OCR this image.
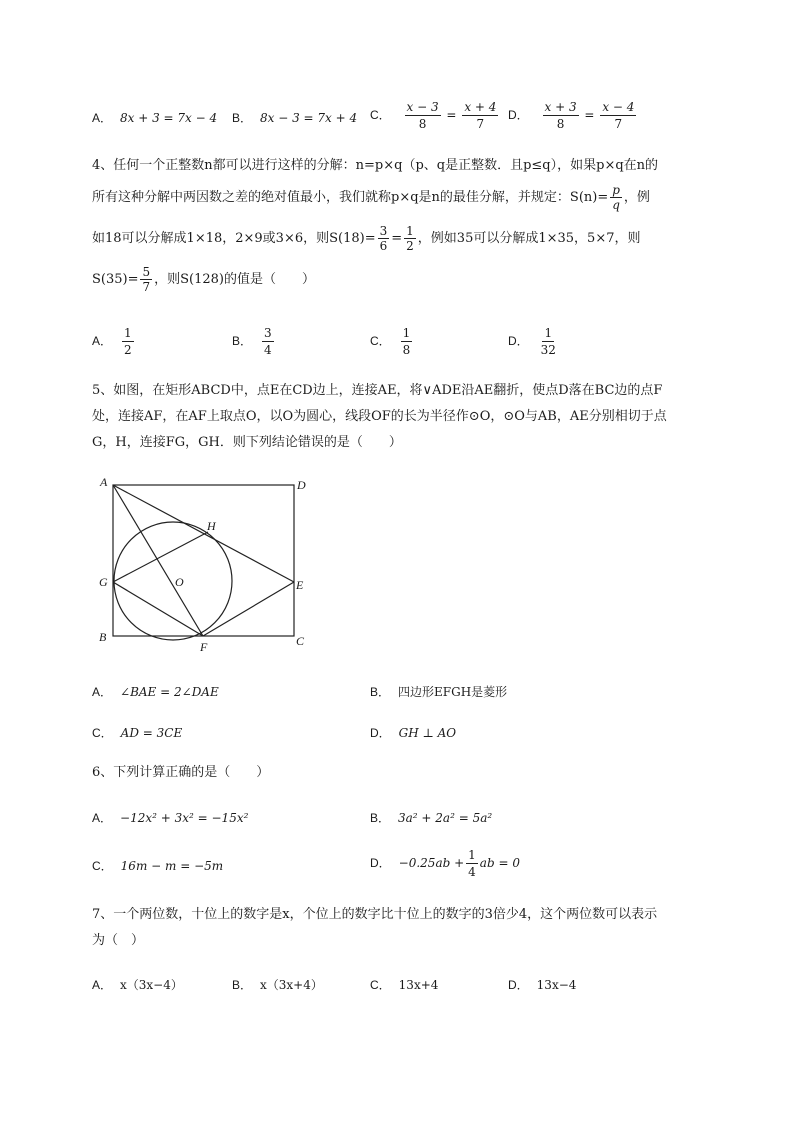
A． 8x + 3 = 7x − 4 B． 8x − 3 = 7x + 4 C． $\frac{x - 3}{8} = \frac{x + 4}{7}$ D． $\frac{x + 3}{8} = \frac{x - 4}{7}$
4、任何一个正整数n都可以进行这样的分解：n=p×q（p、q是正整数．且p≤q），如果p×q在n的
所有这种分解中两因数之差的绝对值最小，我们就称p×q是n的最佳分解，并规定：$S(n)= \frac{p}{q}$ ，例
如18可以分解成1×18，2×9或3×6，则$S(18)= \frac{3}{6} = \frac{1}{2}$ ，例如35可以分解成1×35，5×7，则
$S(35)= \frac{5}{7}$ ，则S(128)的值是（　　）
A． $\frac{1}{2}$	B． $\frac{3}{4}$	C． $\frac{1}{8}$	D． $\frac{1}{32}$
5、如图，在矩形ABCD中，点E在CD边上，连接AE，将∨ADE沿AE翻折，使点D落在BC边的点F
处，连接AF，在AF上取点O，以O为圆心，线段OF的长为半径作⊙O，⊙O与AB，AE分别相切于点
G，H，连接FG，GH．则下列结论错误的是（　　）
A	D
H
G	O	E
B
F	C
A． ∠BAE = 2∠DAE	B． 四边形EFGH是菱形
C． AD = 3CE	D． GH ⊥ AO
6、下列计算正确的是（　　）
A． −12x² + 3x² = −15x²	B． 3a² + 2a² = 5a²
C． 16m − m = −5m	D． $-0.25ab + \frac{1}{4}$ ab = 0
7、一个两位数，十位上的数字是x，个位上的数字比十位上的数字的3倍少4，这个两位数可以表示
为（　）
A． x（3x−4）	B． x（3x+4）	C． 13x+4	D． 13x−4
